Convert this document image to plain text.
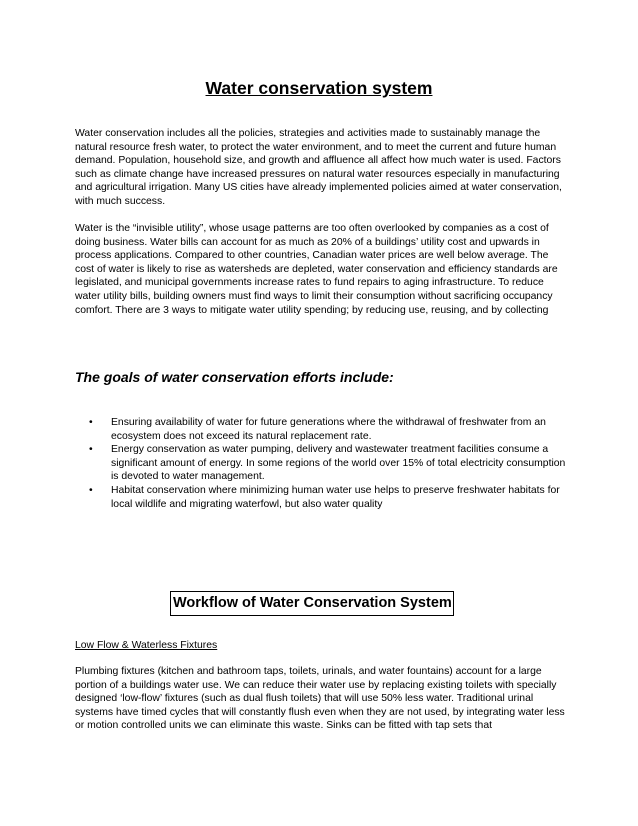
Water conservation system

Water conservation includes all the policies, strategies and activities made to sustainably manage the natural resource fresh water, to protect the water environment, and to meet the current and future human demand. Population, household size, and growth and affluence all affect how much water is used. Factors such as climate change have increased pressures on natural water resources especially in manufacturing and agricultural irrigation. Many US cities have already implemented policies aimed at water conservation, with much success.

Water is the “invisible utility”, whose usage patterns are too often overlooked by companies as a cost of doing business. Water bills can account for as much as 20% of a buildings’ utility cost and upwards in process applications. Compared to other countries, Canadian water prices are well below average. The cost of water is likely to rise as watersheds are depleted, water conservation and efficiency standards are legislated, and municipal governments increase rates to fund repairs to aging infrastructure. To reduce water utility bills, building owners must find ways to limit their consumption without sacrificing occupancy comfort. There are 3 ways to mitigate water utility spending; by reducing use, reusing, and by collecting

The goals of water conservation efforts include:
• Ensuring availability of water for future generations where the withdrawal of freshwater from an ecosystem does not exceed its natural replacement rate.
• Energy conservation as water pumping, delivery and wastewater treatment facilities consume a significant amount of energy. In some regions of the world over 15% of total electricity consumption is devoted to water management.
• Habitat conservation where minimizing human water use helps to preserve freshwater habitats for local wildlife and migrating waterfowl, but also water quality
Workflow of Water Conservation System
Low Flow & Waterless Fixtures

Plumbing fixtures (kitchen and bathroom taps, toilets, urinals, and water fountains) account for a large portion of a buildings water use. We can reduce their water use by replacing existing toilets with specially designed ‘low-flow’ fixtures (such as dual flush toilets) that will use 50% less water. Traditional urinal systems have timed cycles that will constantly flush even when they are not used, by integrating water less or motion controlled units we can eliminate this waste. Sinks can be fitted with tap sets that
